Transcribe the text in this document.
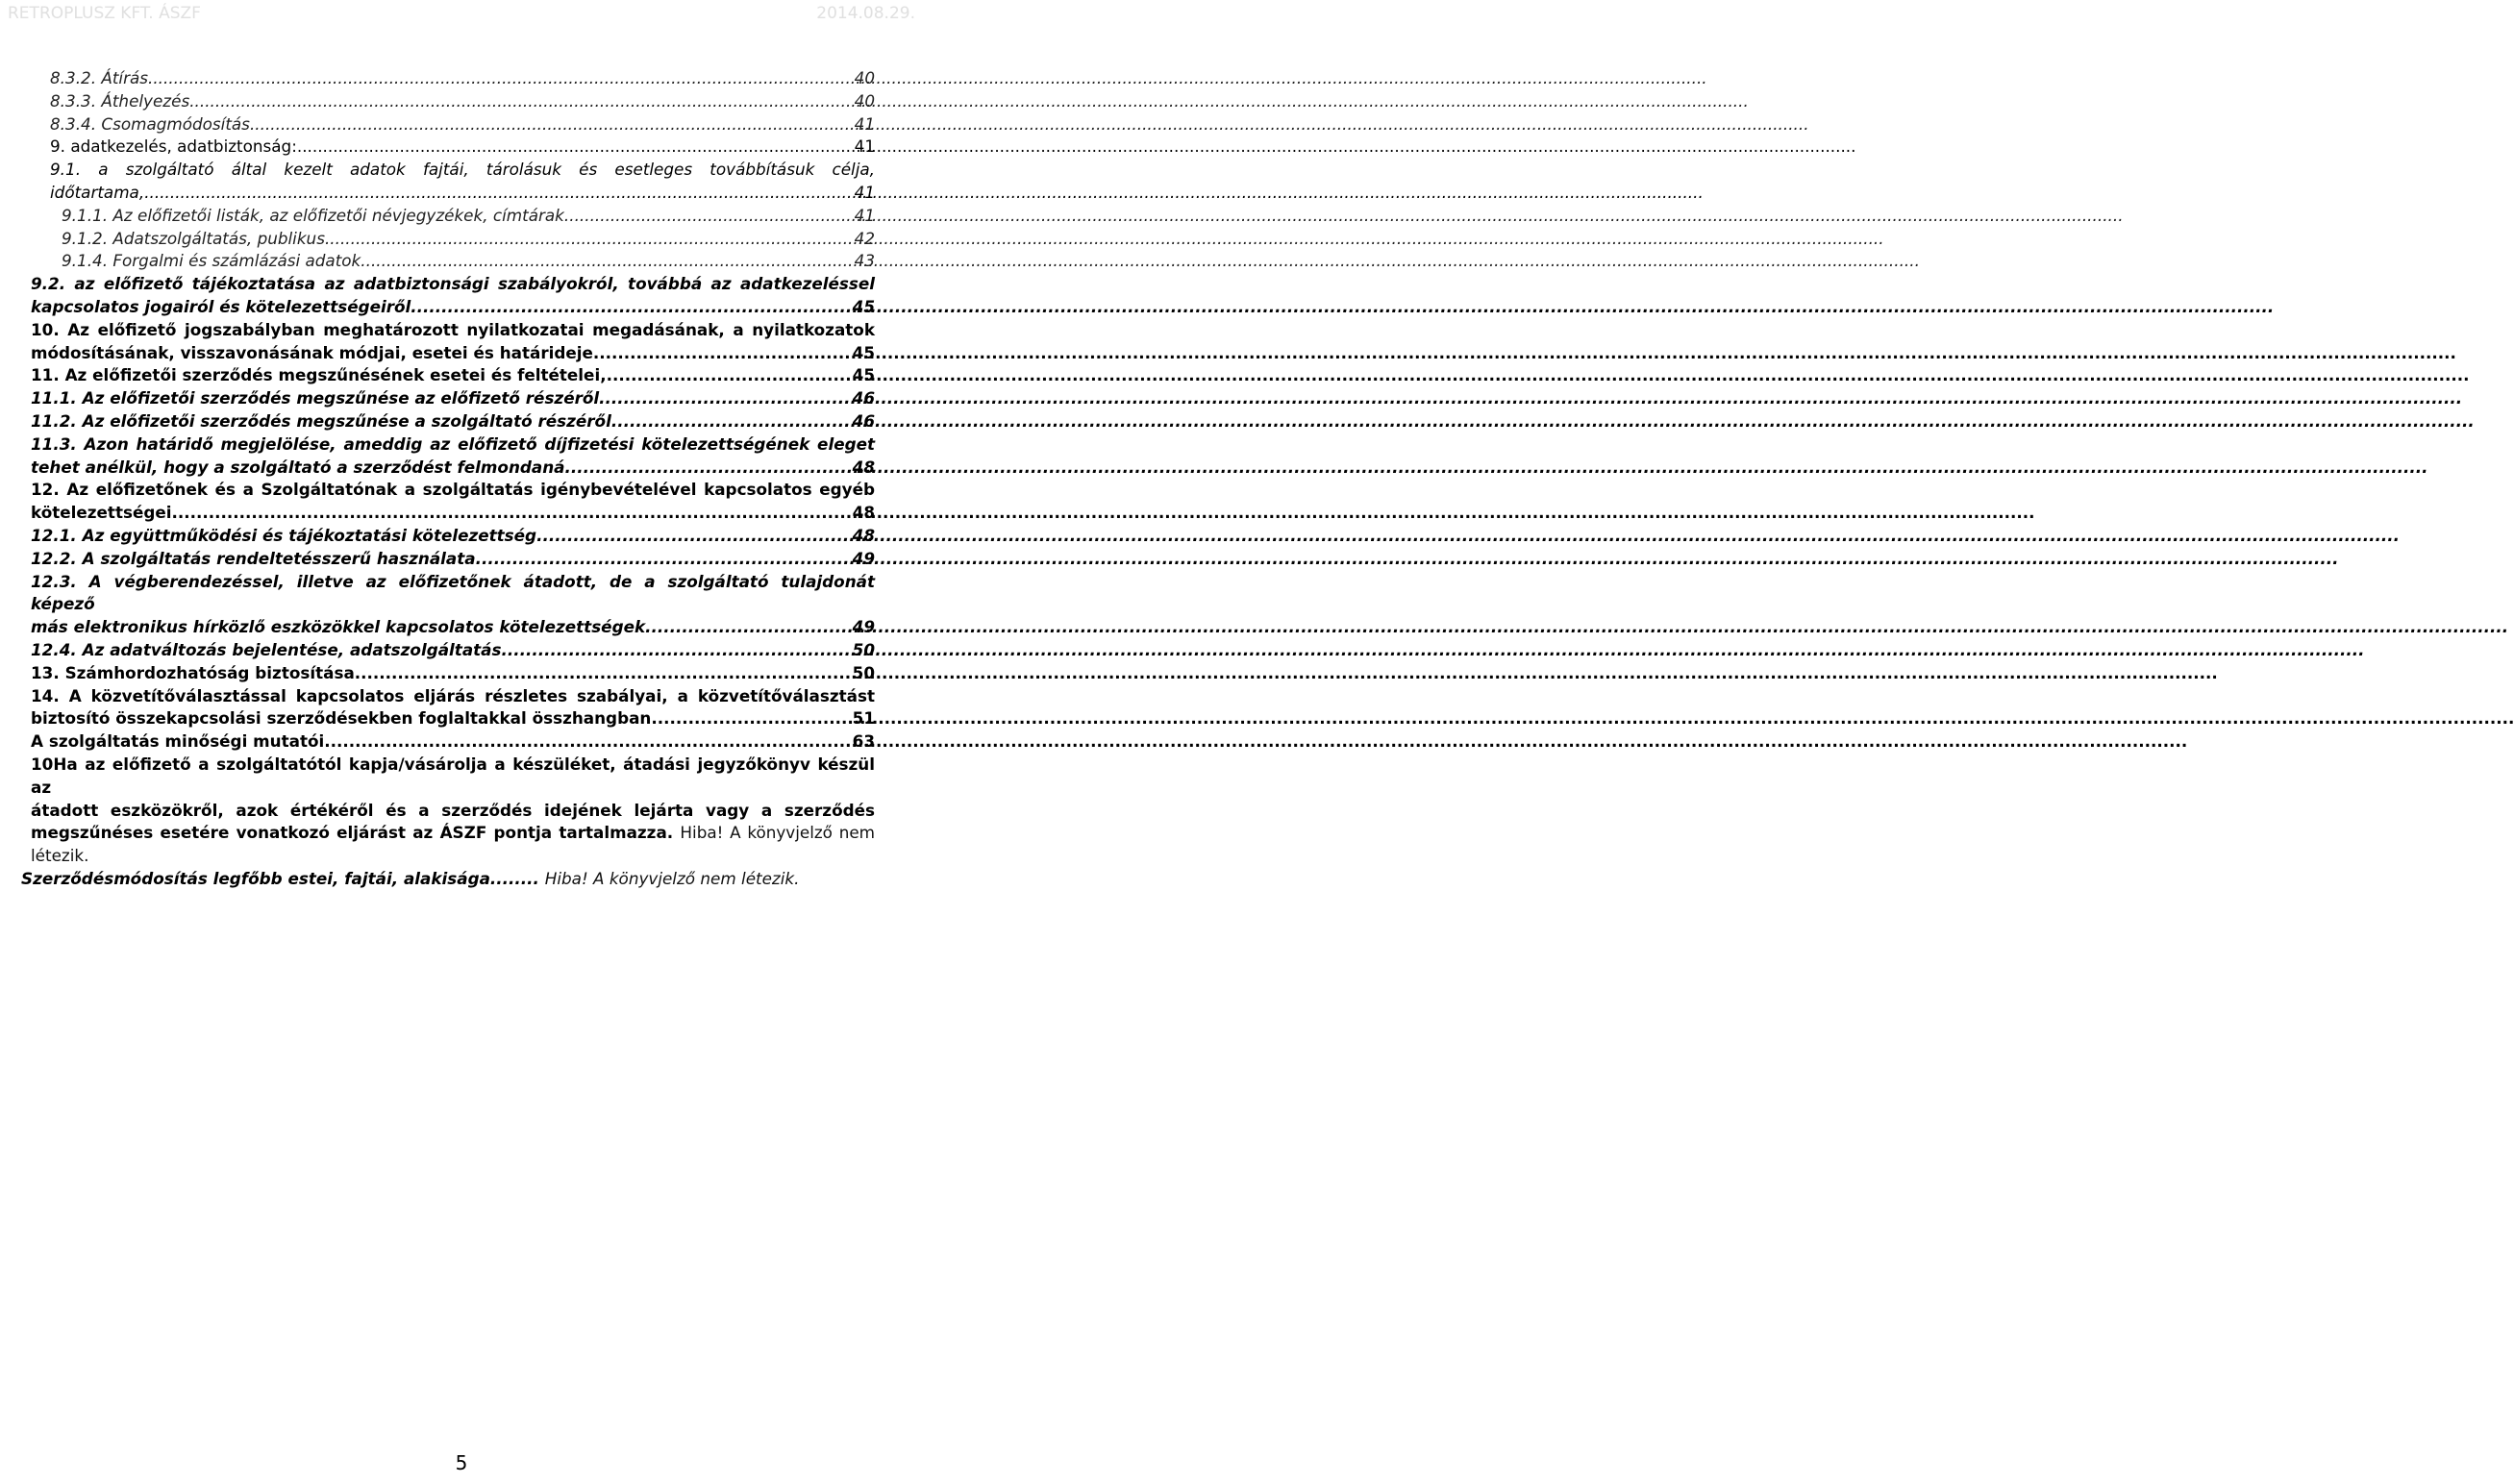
RETROPLUSZ KFT. ÁSZF	2014.08.29.
8.3.2. Átírás .....	40
8.3.3. Áthelyezés .....	40
8.3.4. Csomagmódosítás .....	41
9. adatkezelés, adatbiztonság: .....	41
9.1. a szolgáltató által kezelt adatok fajtái, tárolásuk és esetleges továbbításuk célja,
időtartama, .....	41
9.1.1. Az előfizetői listák, az előfizetői névjegyzékek, címtárak .....	41
9.1.2. Adatszolgáltatás, publikus .....	42
9.1.4. Forgalmi és számlázási adatok .....	43
9.2. az előfizető tájékoztatása az adatbiztonsági szabályokról, továbbá az adatkezeléssel
kapcsolatos jogairól és kötelezettségeiről .....	45
10. Az előfizető jogszabályban meghatározott nyilatkozatai megadásának, a nyilatkozatok
módosításának, visszavonásának módjai, esetei és határideje .....	45
11. Az előfizetői szerződés megszűnésének esetei és feltételei, .....	45
11.1. Az előfizetői szerződés megszűnése az előfizető részéről .....	46
11.2. Az előfizetői szerződés megszűnése a szolgáltató részéről .....	46
11.3. Azon határidő megjelölése, ameddig az előfizető díjfizetési kötelezettségének eleget
tehet anélkül, hogy a szolgáltató a szerződést felmondaná .....	48
12. Az előfizetőnek és a Szolgáltatónak a szolgáltatás igénybevételével kapcsolatos egyéb
kötelezettségei .....	48
12.1. Az együttműködési és tájékoztatási kötelezettség .....	48
12.2. A szolgáltatás rendeltetésszerű használata .....	49
12.3. A végberendezéssel, illetve az előfizetőnek átadott, de a szolgáltató tulajdonát képező
más elektronikus hírközlő eszközökkel kapcsolatos kötelezettségek .....	49
12.4. Az adatváltozás bejelentése, adatszolgáltatás .....	50
13. Számhordozhatóság biztosítása .....	50
14. A közvetítőválasztással kapcsolatos eljárás részletes szabályai, a közvetítőválasztást
biztosító összekapcsolási szerződésekben foglaltakkal összhangban .....	51
A szolgáltatás minőségi mutatói .....	63
10Ha az előfizető a szolgáltatótól kapja/vásárolja a készüléket, átadási jegyzőkönyv készül az
átadott eszközökről, azok értékéről és a szerződés idejének lejárta vagy a szerződés
megszűnéses esetére vonatkozó eljárást az ÁSZF pontja tartalmazza. Hiba! A könyvjelző nem
létezik.
Szerződésmódosítás legfőbb estei, fajtái, alakisága ........
Hiba! A könyvjelző nem létezik.
5
